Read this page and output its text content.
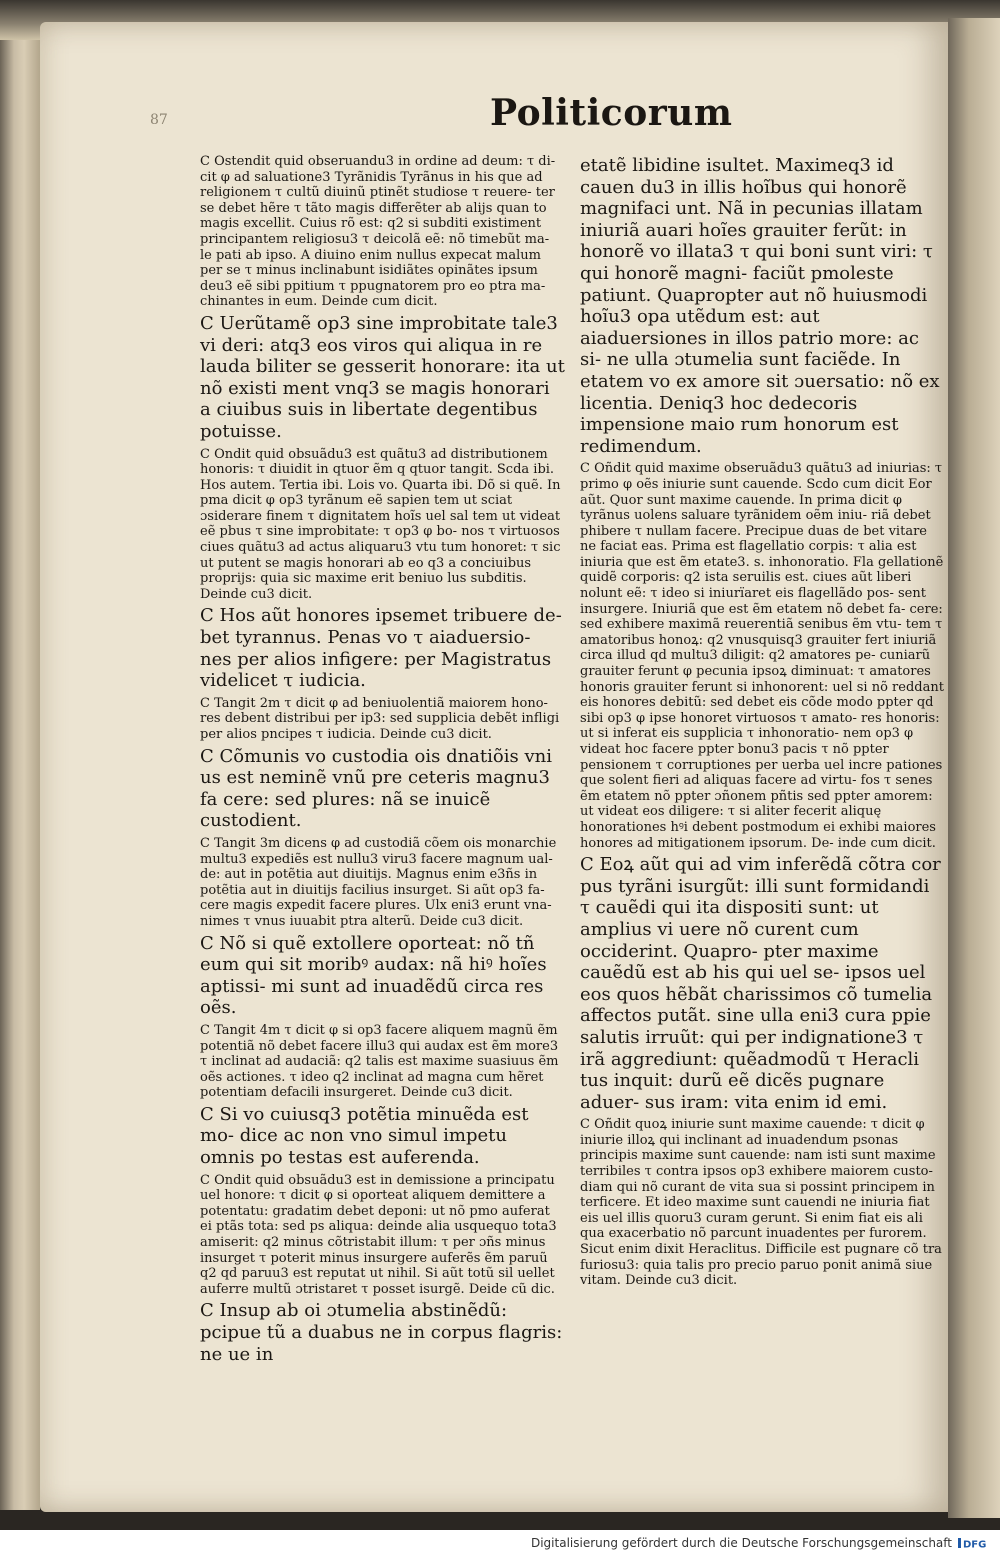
87	Politicorum

C Ostendit quid obseruandu3 in ordine ad deum: τ di- cit φ ad saluatione3 Tyrãnidis Tyrãnus in his que ad religionem τ cultũ diuinũ ptinẽt studiose τ reuere- ter se debet hẽre τ tãto magis differẽter ab alijs quan to magis excellit. Cuius rõ est: q2 si subditi existiment principantem religiosu3 τ deicolã eẽ: nõ timebũt ma- le pati ab ipso. A diuino enim nullus expecat malum per se τ minus inclinabunt isidiãtes opinãtes ipsum deu3 eẽ sibi ppitium τ ppugnatorem pro eo ptra ma- chinantes in eum. Deinde cum dicit.

C Uerũtamẽ op3 sine improbitate tale3 vi deri: atq3 eos viros qui aliqua in re lauda biliter se gesserit honorare: ita ut nõ existi ment vnq3 se magis honorari a ciuibus suis in libertate degentibus potuisse.

C Ondit quid obsuãdu3 est quãtu3 ad distributionem honoris: τ diuidit in qtuor ẽm q qtuor tangit. Scda ibi. Hos autem. Tertia ibi. Lois vo. Quarta ibi. Dõ si quẽ. In pma dicit φ op3 tyrãnum eẽ sapien tem ut sciat ɔsiderare finem τ dignitatem hoĩs uel sal tem ut videat eẽ pbus τ sine improbitate: τ op3 φ bo- nos τ virtuosos ciues quãtu3 ad actus aliquaru3 vtu tum honoret: τ sic ut putent se magis honorari ab eo q3 a conciuibus proprijs: quia sic maxime erit beniuo lus subditis. Deinde cu3 dicit.

C Hos aũt honores ipsemet tribuere de- bet tyrannus. Penas vo τ aiaduersio- nes per alios infigere: per Magistratus videlicet τ iudicia.

C Tangit 2m τ dicit φ ad beniuolentiã maiorem hono- res debent distribui per ip3: sed supplicia debẽt infligi per alios pncipes τ iudicia. Deinde cu3 dicit.

C Cõmunis vo custodia ois dnatiõis vni us est neminẽ vnũ pre ceteris magnu3 fa cere: sed plures: nã se inuicẽ custodient.

C Tangit 3m dicens φ ad custodiã cõem ois monarchie multu3 expediẽs est nullu3 viru3 facere magnum ual- de: aut in potẽtia aut diuitijs. Magnus enim e3ñs in potẽtia aut in diuitijs facilius insurget. Si aũt op3 fa- cere magis expedit facere plures. Ulx eni3 erunt vna- nimes τ vnus iuuabit ptra alterũ. Deide cu3 dicit.

C Nõ si quẽ extollere oporteat: nõ tñ eum qui sit moribꝰ audax: nã hiꝰ hoĩes aptissi- mi sunt ad inuadẽdũ circa res oẽs.

C Tangit 4m τ dicit φ si op3 facere aliquem magnũ ẽm potentiã nõ debet facere illu3 qui audax est ẽm more3 τ inclinat ad audaciã: q2 talis est maxime suasiuus ẽm oẽs actiones. τ ideo q2 inclinat ad magna cum hẽret potentiam defacili insurgeret. Deinde cu3 dicit.

C Si vo cuiusq3 potẽtia minuẽda est mo- dice ac non vno simul impetu omnis po testas est auferenda.

C Ondit quid obsuãdu3 est in demissione a principatu uel honore: τ dicit φ si oporteat aliquem demittere a potentatu: gradatim debet deponi: ut nõ pmo auferat ei ptãs tota: sed ps aliqua: deinde alia usquequo tota3 amiserit: q2 minus cõtristabit illum: τ per ɔñs minus insurget τ poterit minus insurgere auferẽs ẽm paruũ q2 qd paruu3 est reputat ut nihil. Si aũt totũ sil uellet auferre multũ ɔtristaret τ posset isurgẽ. Deide cũ dic.

C Insup ab oi ɔtumelia abstinẽdũ: pcipue tũ a duabus ne in corpus flagris: ne ue in

etatẽ libidine isultet. Maximeq3 id cauen du3 in illis hoĩbus qui honorẽ magnifaci unt. Nã in pecunias illatam iniuriã auari hoĩes grauiter ferũt: in honorẽ vo illata3 τ qui boni sunt viri: τ qui honorẽ magni- faciũt pmoleste patiunt. Quapropter aut nõ huiusmodi hoĩu3 opa utẽdum est: aut aiaduersiones in illos patrio more: ac si- ne ulla ɔtumelia sunt faciẽde. In etatem vo ex amore sit ɔuersatio: nõ ex licentia. Deniq3 hoc dedecoris impensione maio rum honorum est redimendum.

C Oñdit quid maxime obseruãdu3 quãtu3 ad iniurias: τ primo φ oẽs iniurie sunt cauende. Scdo cum dicit Eor aũt. Quor sunt maxime cauende. In prima dicit φ tyrãnus uolens saluare tyrãnidem oẽm iniu- riã debet phibere τ nullam facere. Precipue duas de bet vitare ne faciat eas. Prima est flagellatio corpis: τ alia est iniuria que est ẽm etate3. s. inhonoratio. Fla gellationẽ quidẽ corporis: q2 ista seruilis est. ciues aũt liberi nolunt eẽ: τ ideo si iniurïaret eis flagellãdo pos- sent insurgere. Iniuriã que est ẽm etatem nõ debet fa- cere: sed exhibere maximã reuerentiã senibus ẽm vtu- tem τ amatoribus honoꝝ: q2 vnusquisq3 grauiter fert iniuriã circa illud qd multu3 diligit: q2 amatores pe- cuniarũ grauiter ferunt φ pecunia ipsoꝝ diminuat: τ amatores honoris grauiter ferunt si inhonorent: uel si nõ reddant eis honores debitũ: sed debet eis cõde modo ppter qd sibi op3 φ ipse honoret virtuosos τ amato- res honoris: ut si inferat eis supplicia τ inhonoratio- nem op3 φ videat hoc facere ppter bonu3 pacis τ nõ ppter pensionem τ corruptiones per uerba uel incre pationes que solent fieri ad aliquas facere ad virtu- fos τ senes ẽm etatem nõ ppter ɔñonem pñtis sed ppter amorem: ut videat eos diligere: τ si aliter fecerit aliquę honorationes hꝰi debent postmodum ei exhibi maiores honores ad mitigationem ipsorum. De- inde cum dicit.

C Eoꝝ aũt qui ad vim inferẽdã cõtra cor pus tyrãni isurgũt: illi sunt formidandi τ cauẽdi qui ita dispositi sunt: ut amplius vi uere nõ curent cum occiderint. Quapro- pter maxime cauẽdũ est ab his qui uel se- ipsos uel eos quos hẽbãt charissimos cõ tumelia affectos putãt. sine ulla eni3 cura ppie salutis irruũt: qui per indignatione3 τ irã aggrediunt: quẽadmodũ τ Heracli tus inquit: durũ eẽ dicẽs pugnare aduer- sus iram: vita enim id emi.

C Oñdit quoꝝ iniurie sunt maxime cauende: τ dicit φ iniurie illoꝝ qui inclinant ad inuadendum psonas principis maxime sunt cauende: nam isti sunt maxime terribiles τ contra ipsos op3 exhibere maiorem custo- diam qui nõ curant de vita sua si possint principem in terficere. Et ideo maxime sunt cauendi ne iniuria fiat eis uel illis quoru3 curam gerunt. Si enim fiat eis ali qua exacerbatio nõ parcunt inuadentes per furorem. Sicut enim dixit Heraclitus. Difficile est pugnare cõ tra furiosu3: quia talis pro precio paruo ponit animã siue vitam. Deinde cu3 dicit.

Digitalisierung gefördert durch die Deutsche Forschungsgemeinschaft DFG
